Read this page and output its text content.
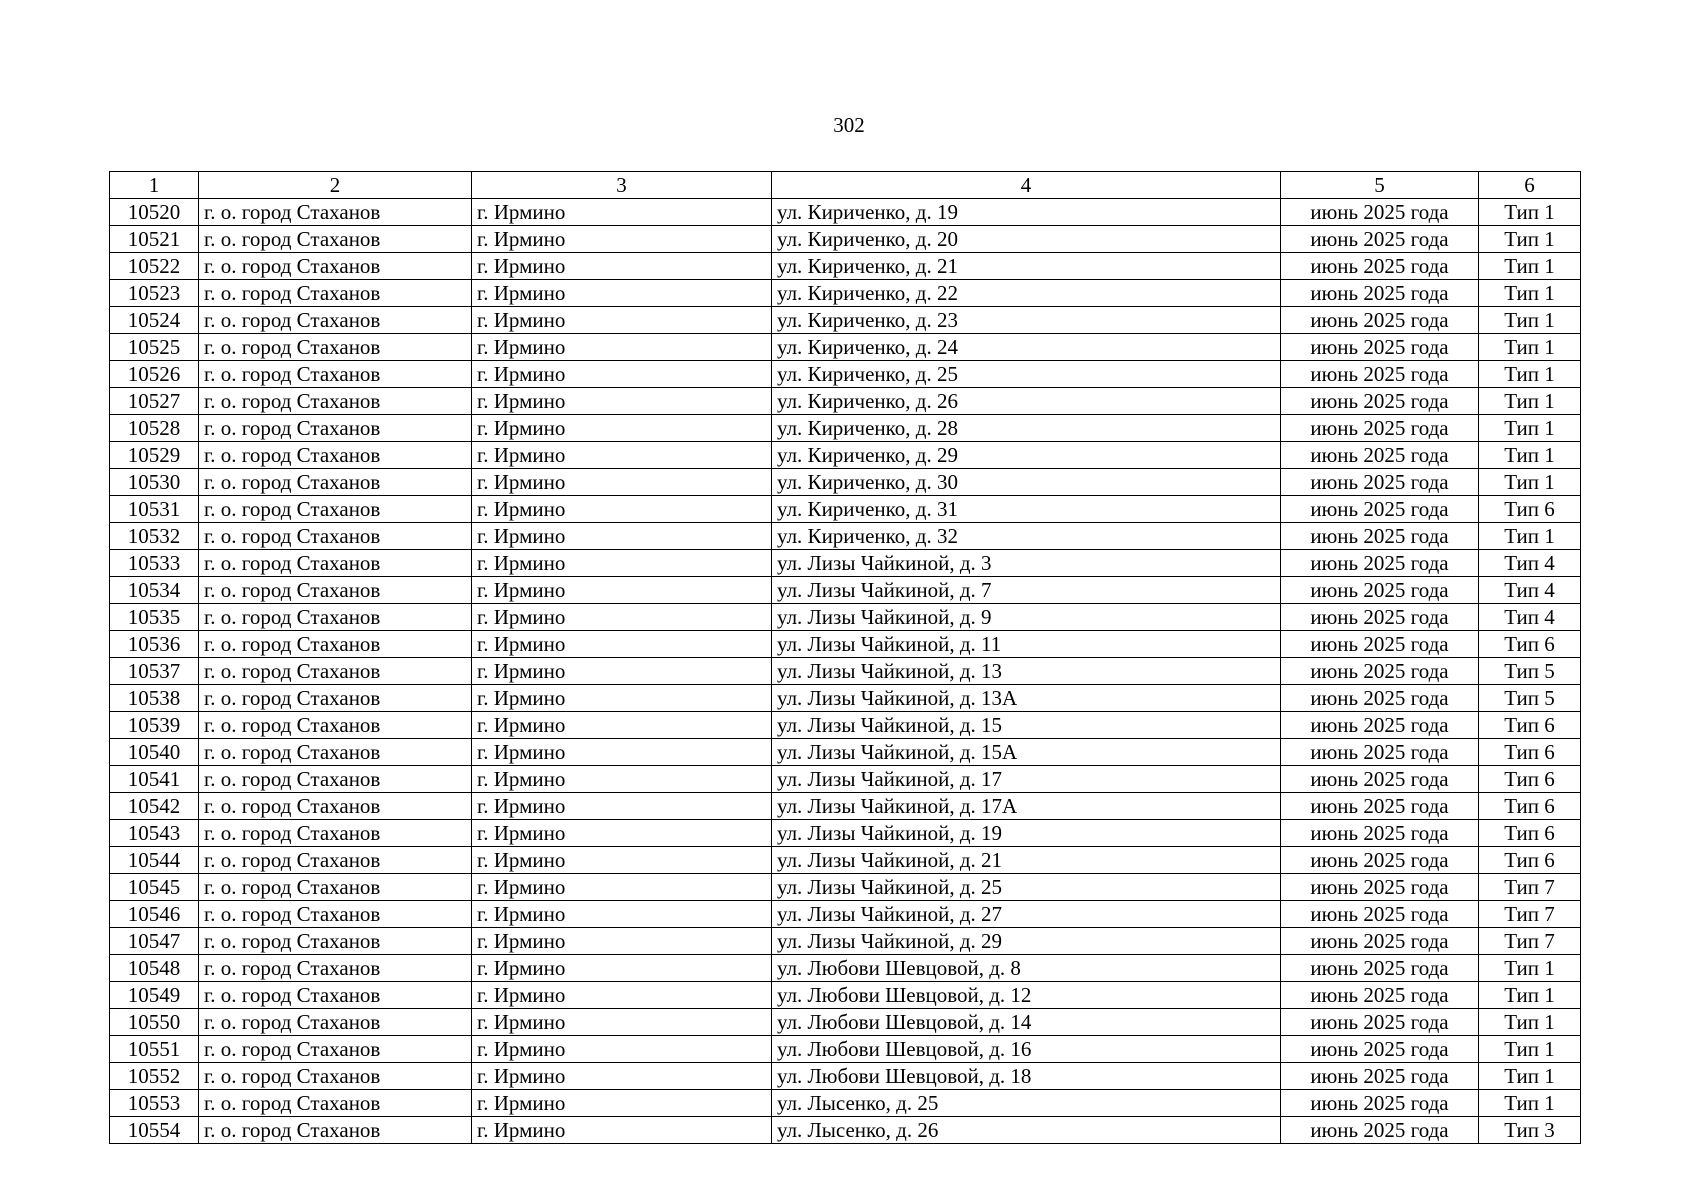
302
1	2	3	4	5	6
10520	г. о. город Стаханов	г. Ирмино	ул. Кириченко, д. 19	июнь 2025 года	Тип 1
10521	г. о. город Стаханов	г. Ирмино	ул. Кириченко, д. 20	июнь 2025 года	Тип 1
10522	г. о. город Стаханов	г. Ирмино	ул. Кириченко, д. 21	июнь 2025 года	Тип 1
10523	г. о. город Стаханов	г. Ирмино	ул. Кириченко, д. 22	июнь 2025 года	Тип 1
10524	г. о. город Стаханов	г. Ирмино	ул. Кириченко, д. 23	июнь 2025 года	Тип 1
10525	г. о. город Стаханов	г. Ирмино	ул. Кириченко, д. 24	июнь 2025 года	Тип 1
10526	г. о. город Стаханов	г. Ирмино	ул. Кириченко, д. 25	июнь 2025 года	Тип 1
10527	г. о. город Стаханов	г. Ирмино	ул. Кириченко, д. 26	июнь 2025 года	Тип 1
10528	г. о. город Стаханов	г. Ирмино	ул. Кириченко, д. 28	июнь 2025 года	Тип 1
10529	г. о. город Стаханов	г. Ирмино	ул. Кириченко, д. 29	июнь 2025 года	Тип 1
10530	г. о. город Стаханов	г. Ирмино	ул. Кириченко, д. 30	июнь 2025 года	Тип 1
10531	г. о. город Стаханов	г. Ирмино	ул. Кириченко, д. 31	июнь 2025 года	Тип 6
10532	г. о. город Стаханов	г. Ирмино	ул. Кириченко, д. 32	июнь 2025 года	Тип 1
10533	г. о. город Стаханов	г. Ирмино	ул. Лизы Чайкиной, д. 3	июнь 2025 года	Тип 4
10534	г. о. город Стаханов	г. Ирмино	ул. Лизы Чайкиной, д. 7	июнь 2025 года	Тип 4
10535	г. о. город Стаханов	г. Ирмино	ул. Лизы Чайкиной, д. 9	июнь 2025 года	Тип 4
10536	г. о. город Стаханов	г. Ирмино	ул. Лизы Чайкиной, д. 11	июнь 2025 года	Тип 6
10537	г. о. город Стаханов	г. Ирмино	ул. Лизы Чайкиной, д. 13	июнь 2025 года	Тип 5
10538	г. о. город Стаханов	г. Ирмино	ул. Лизы Чайкиной, д. 13А	июнь 2025 года	Тип 5
10539	г. о. город Стаханов	г. Ирмино	ул. Лизы Чайкиной, д. 15	июнь 2025 года	Тип 6
10540	г. о. город Стаханов	г. Ирмино	ул. Лизы Чайкиной, д. 15А	июнь 2025 года	Тип 6
10541	г. о. город Стаханов	г. Ирмино	ул. Лизы Чайкиной, д. 17	июнь 2025 года	Тип 6
10542	г. о. город Стаханов	г. Ирмино	ул. Лизы Чайкиной, д. 17А	июнь 2025 года	Тип 6
10543	г. о. город Стаханов	г. Ирмино	ул. Лизы Чайкиной, д. 19	июнь 2025 года	Тип 6
10544	г. о. город Стаханов	г. Ирмино	ул. Лизы Чайкиной, д. 21	июнь 2025 года	Тип 6
10545	г. о. город Стаханов	г. Ирмино	ул. Лизы Чайкиной, д. 25	июнь 2025 года	Тип 7
10546	г. о. город Стаханов	г. Ирмино	ул. Лизы Чайкиной, д. 27	июнь 2025 года	Тип 7
10547	г. о. город Стаханов	г. Ирмино	ул. Лизы Чайкиной, д. 29	июнь 2025 года	Тип 7
10548	г. о. город Стаханов	г. Ирмино	ул. Любови Шевцовой, д. 8	июнь 2025 года	Тип 1
10549	г. о. город Стаханов	г. Ирмино	ул. Любови Шевцовой, д. 12	июнь 2025 года	Тип 1
10550	г. о. город Стаханов	г. Ирмино	ул. Любови Шевцовой, д. 14	июнь 2025 года	Тип 1
10551	г. о. город Стаханов	г. Ирмино	ул. Любови Шевцовой, д. 16	июнь 2025 года	Тип 1
10552	г. о. город Стаханов	г. Ирмино	ул. Любови Шевцовой, д. 18	июнь 2025 года	Тип 1
10553	г. о. город Стаханов	г. Ирмино	ул. Лысенко, д. 25	июнь 2025 года	Тип 1
10554	г. о. город Стаханов	г. Ирмино	ул. Лысенко, д. 26	июнь 2025 года	Тип 3
